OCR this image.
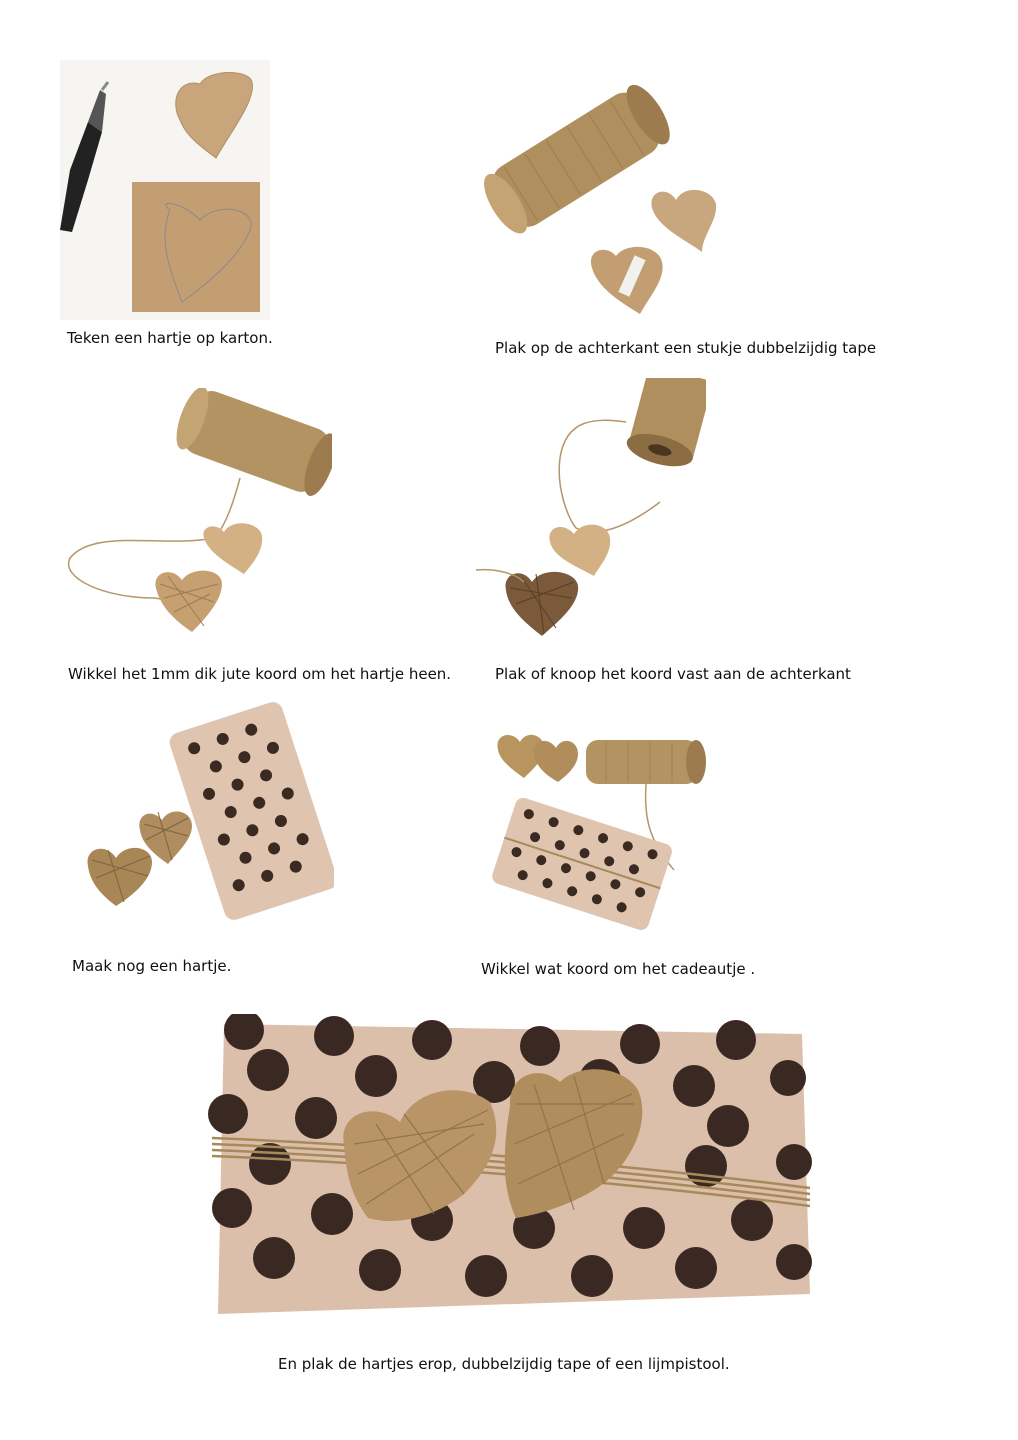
Teken een hartje op karton.
Plak op de achterkant een stukje dubbelzijdig tape
Wikkel het 1mm dik jute koord om het hartje heen.	Plak of knoop het koord vast aan de achterkant
Maak nog een hartje.	Wikkel wat koord om het cadeautje .
En plak de hartjes erop, dubbelzijdig tape of een lijmpistool.
